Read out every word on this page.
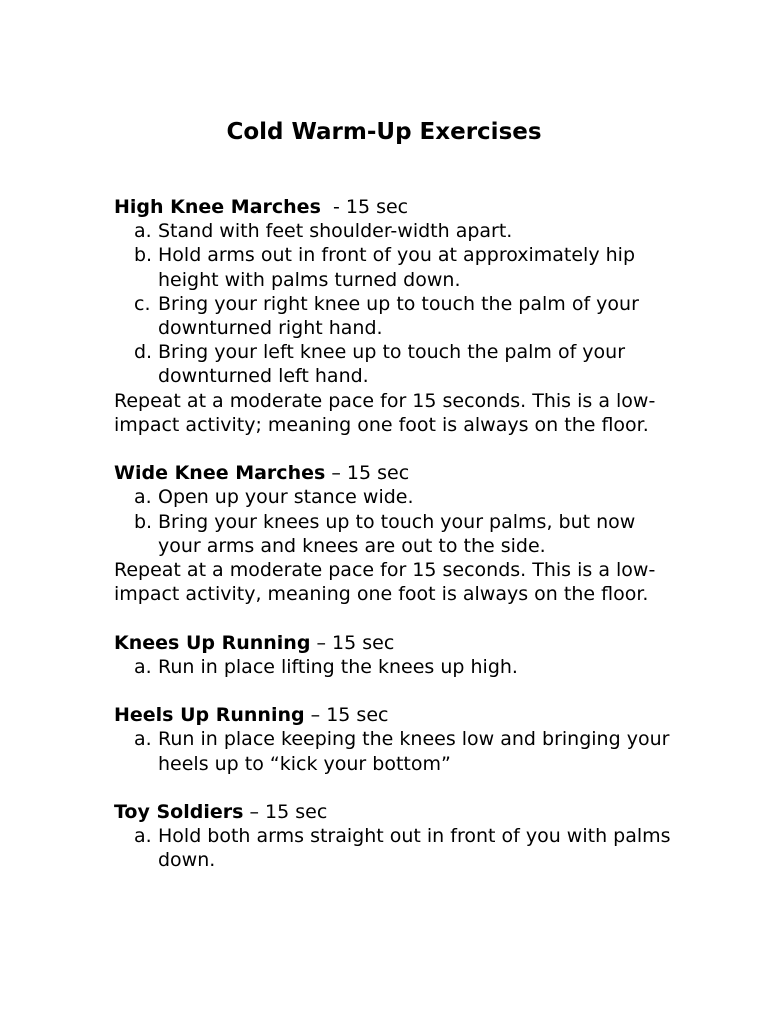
Cold Warm-Up Exercises

High Knee Marches  - 15 sec

a. Stand with feet shoulder-width apart.
b. Hold arms out in front of you at approximately hip height with palms turned down.
c. Bring your right knee up to touch the palm of your downturned right hand.
d. Bring your left knee up to touch the palm of your downturned left hand.

Repeat at a moderate pace for 15 seconds. This is a low-impact activity; meaning one foot is always on the floor.

Wide Knee Marches – 15 sec

a. Open up your stance wide.
b. Bring your knees up to touch your palms, but now your arms and knees are out to the side.

Repeat at a moderate pace for 15 seconds. This is a low-impact activity, meaning one foot is always on the floor.

Knees Up Running – 15 sec

a. Run in place lifting the knees up high.

Heels Up Running – 15 sec

a. Run in place keeping the knees low and bringing your heels up to “kick your bottom”

Toy Soldiers – 15 sec

a. Hold both arms straight out in front of you with palms down.
